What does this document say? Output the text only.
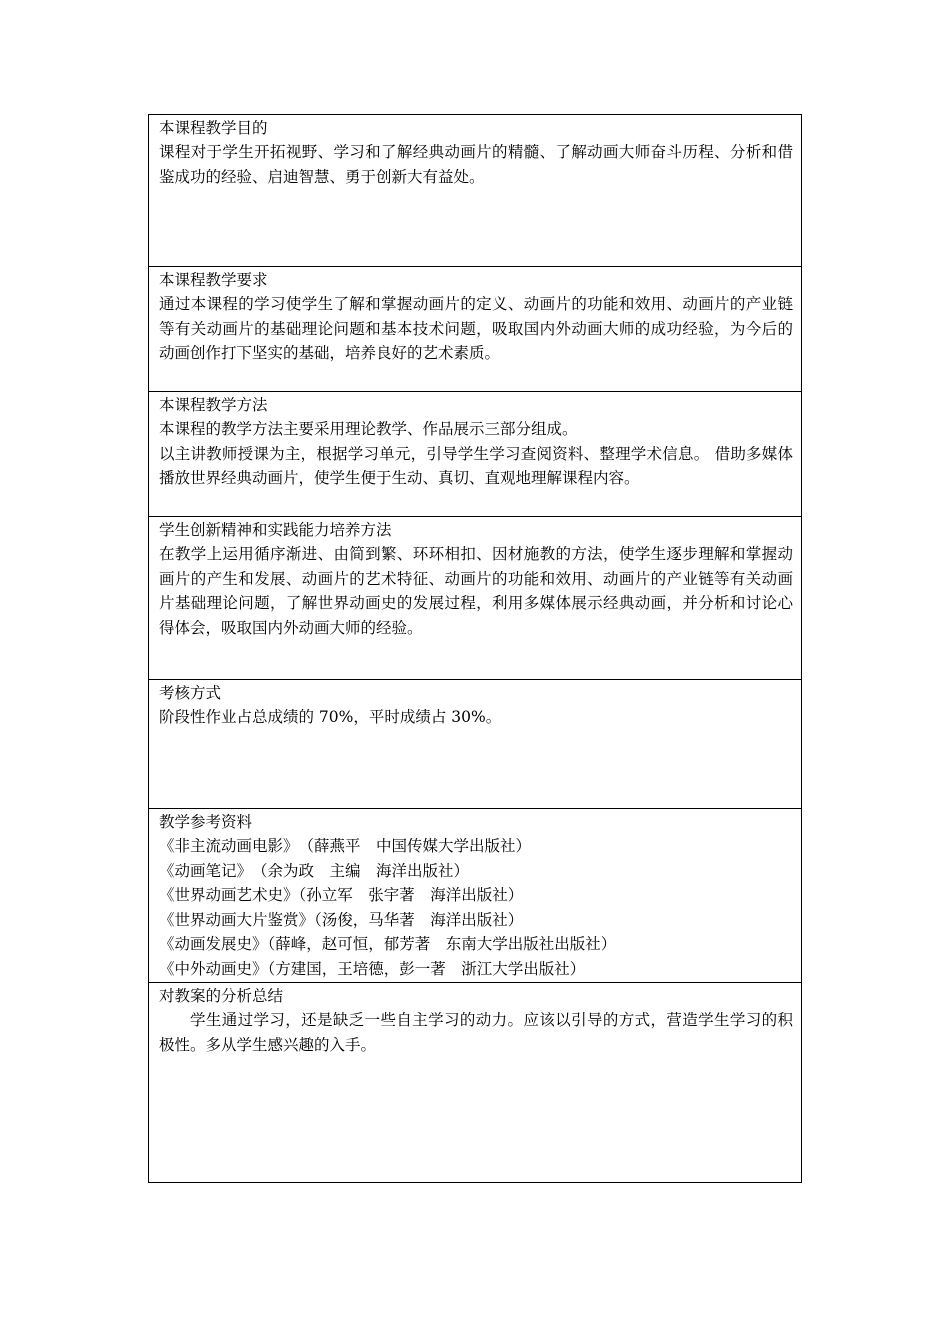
本课程教学目的

课程对于学生开拓视野、学习和了解经典动画片的精髓、了解动画大师奋斗历程、分析和借鉴成功的经验、启迪智慧、勇于创新大有益处。

本课程教学要求

通过本课程的学习使学生了解和掌握动画片的定义、动画片的功能和效用、动画片的产业链等有关动画片的基础理论问题和基本技术问题，吸取国内外动画大师的成功经验，为今后的动画创作打下坚实的基础，培养良好的艺术素质。

本课程教学方法

本课程的教学方法主要采用理论教学、作品展示三部分组成。

以主讲教师授课为主，根据学习单元，引导学生学习查阅资料、整理学术信息。 借助多媒体播放世界经典动画片，使学生便于生动、真切、直观地理解课程内容。

学生创新精神和实践能力培养方法

在教学上运用循序渐进、由简到繁、环环相扣、因材施教的方法，使学生逐步理解和掌握动画片的产生和发展、动画片的艺术特征、动画片的功能和效用、动画片的产业链等有关动画片基础理论问题，了解世界动画史的发展过程，利用多媒体展示经典动画，并分析和讨论心得体会，吸取国内外动画大师的经验。

考核方式

阶段性作业占总成绩的 70%，平时成绩占 30%。

教学参考资料

《非主流动画电影》　（薛燕平　中国传媒大学出版社）

《动画笔记》　（余为政　主编　海洋出版社）

《世界动画艺术史》（孙立军　张宇著　海洋出版社）

《世界动画大片鉴赏》（汤俊，马华著　海洋出版社）

《动画发展史》（薛峰，赵可恒，郁芳著　东南大学出版社出版社）

《中外动画史》（方建国，王培德，彭一著　浙江大学出版社）

对教案的分析总结

学生通过学习，还是缺乏一些自主学习的动力。应该以引导的方式，营造学生学习的积极性。多从学生感兴趣的入手。
